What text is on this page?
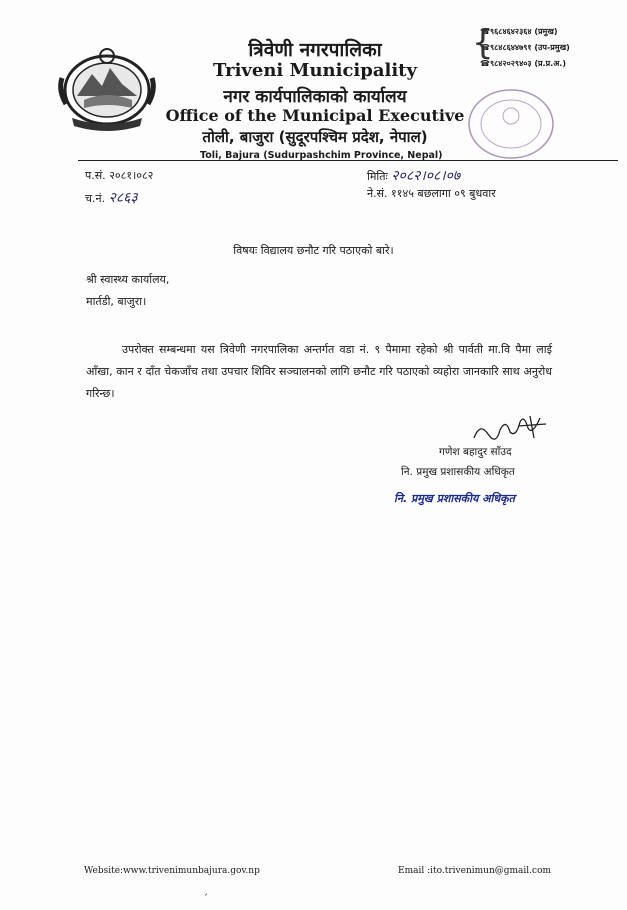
त्रिवेणी नगरपालिका
Triveni Municipality
नगर कार्यपालिकाको कार्यालय
Office of the Municipal Executive
तोली, बाजुरा (सुदूरपश्चिम प्रदेश, नेपाल)
Toli, Bajura (Sudurpashchim Province, Nepal)
{
☎९६८४६४२३६४ (प्रमुख)
☎९८४८६४४७९१ (उप-प्रमुख)
☎९८४२०२९४०३ (प्र.प्र.अ.)
प.सं. २०८१।०८२
च.नं. २८६३
मितिः २०८२।०८।०७
ने.सं. ११४५ बछलागा ०९ बुधवार
विषयः विद्यालय छनौट गरि पठाएको बारे।
श्री स्वास्थ्य कार्यालय,
मार्तडी, बाजुरा।
उपरोक्त सम्बन्धमा यस त्रिवेणी नगरपालिका अन्तर्गत वडा नं. ९ पैमामा रहेको श्री पार्वती मा.वि पैमा लाई आँखा, कान र दाँत चेकजाँच तथा उपचार शिविर सञ्चालनको लागि छनौट गरि पठाएको व्यहोरा जानकारि साथ अनुरोध गरिन्छ।
गणेश बहादुर साँउद
नि. प्रमुख प्रशासकीय अधिकृत
नि. प्रमुख प्रशासकीय अधिकृत
Website:www.trivenimunbajura.gov.np	Email :ito.trivenimun@gmail.com
ˏ
